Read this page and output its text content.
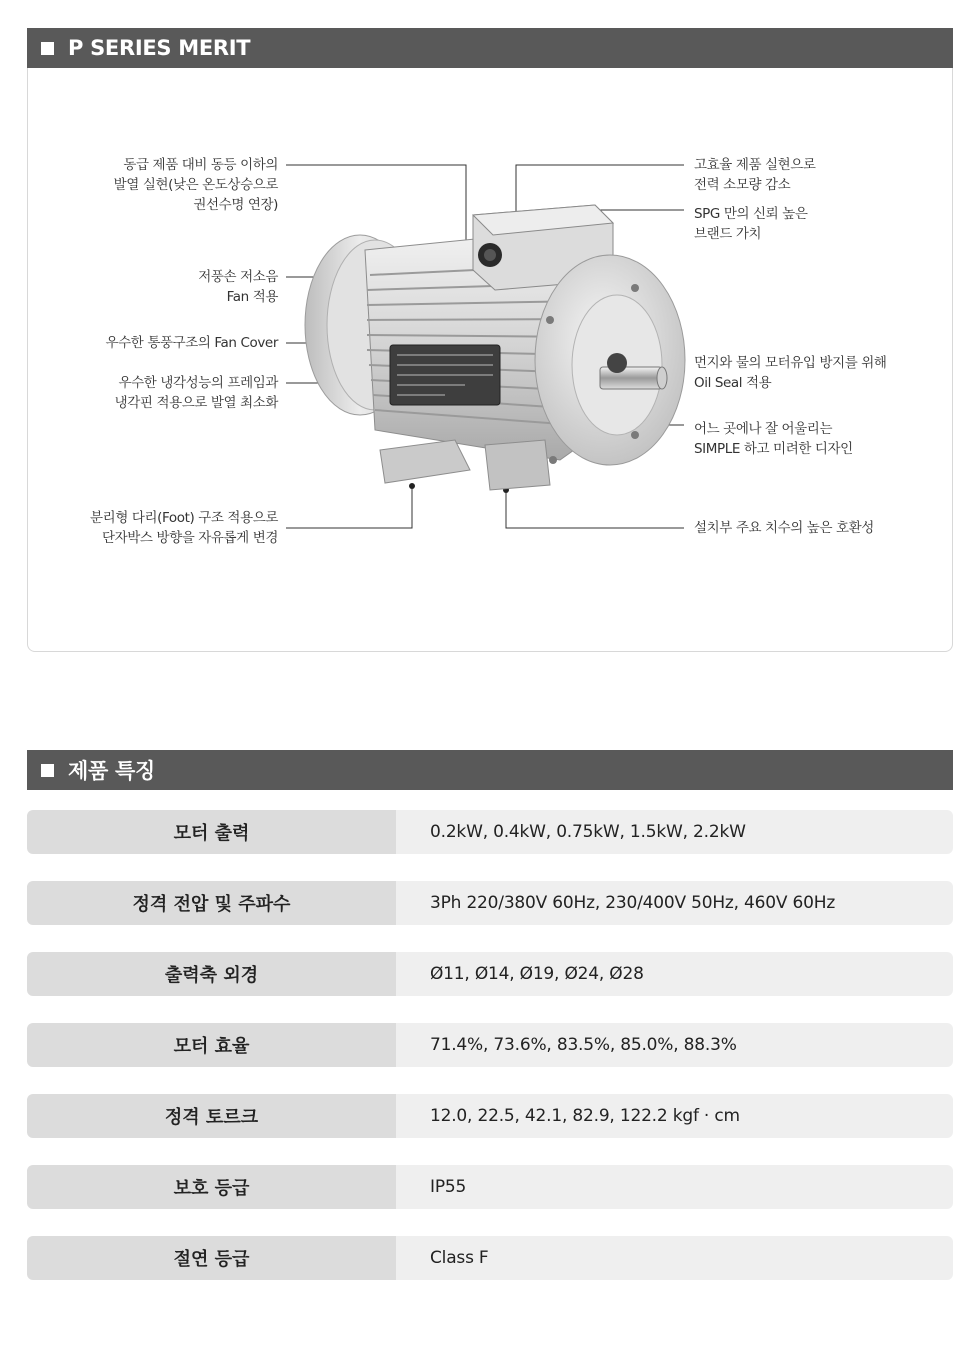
P SERIES MERIT
동급 제품 대비 동등 이하의
발열 실현(낮은 온도상승으로
권선수명 연장)
저풍손 저소음
Fan 적용
우수한 통풍구조의 Fan Cover
우수한 냉각성능의 프레임과
냉각핀 적용으로 발열 최소화
분리형 다리(Foot) 구조 적용으로
단자박스 방향을 자유롭게 변경
고효율 제품 실현으로
전력 소모량 감소
SPG 만의 신뢰 높은
브랜드 가치
먼지와 물의 모터유입 방지를 위해
Oil Seal 적용
어느 곳에나 잘 어울리는
SIMPLE 하고 미려한 디자인
설치부 주요 치수의 높은 호환성
제품 특징
모터 출력	0.2kW, 0.4kW, 0.75kW, 1.5kW, 2.2kW
정격 전압 및 주파수	3Ph 220/380V 60Hz, 230/400V 50Hz, 460V 60Hz
출력축 외경	Ø11, Ø14, Ø19, Ø24, Ø28
모터 효율	71.4%, 73.6%, 83.5%, 85.0%, 88.3%
정격 토르크	12.0, 22.5, 42.1, 82.9, 122.2 kgf · cm
보호 등급	IP55
절연 등급	Class F
